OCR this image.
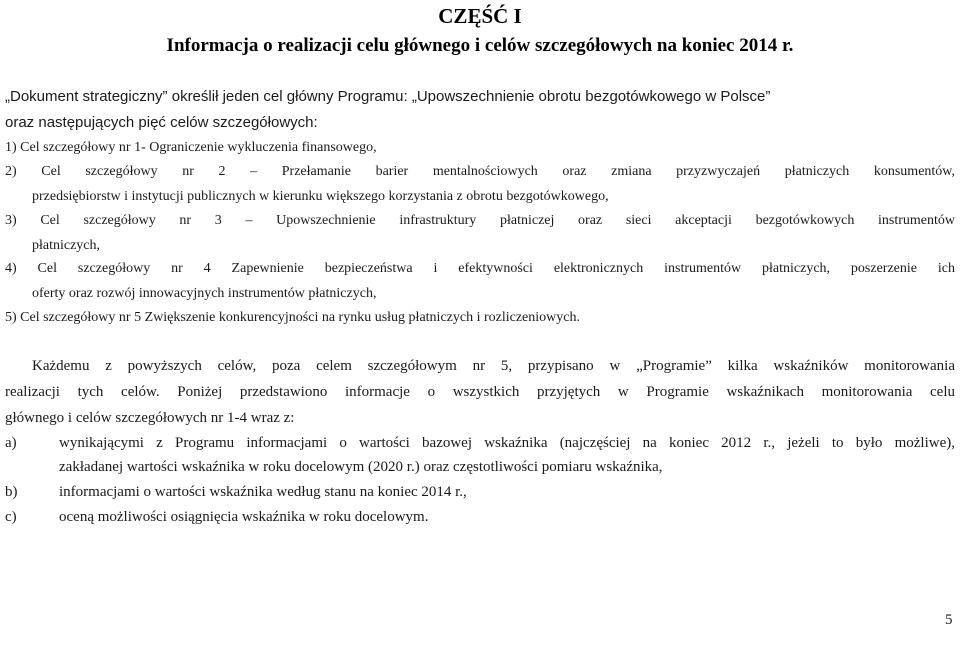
CZĘŚĆ I
Informacja o realizacji celu głównego i celów szczegółowych na koniec 2014 r.
„Dokument strategiczny” określił jeden cel główny Programu: „Upowszechnienie obrotu bezgotówkowego w Polsce”
oraz następujących pięć celów szczegółowych:
1) Cel szczegółowy nr 1- Ograniczenie wykluczenia finansowego,
2) Cel szczegółowy nr 2 – Przełamanie barier mentalnościowych oraz zmiana przyzwyczajeń płatniczych konsumentów,
przedsiębiorstw i instytucji publicznych w kierunku większego korzystania z obrotu bezgotówkowego,
3) Cel szczegółowy nr 3 – Upowszechnienie infrastruktury płatniczej oraz sieci akceptacji bezgotówkowych instrumentów
płatniczych,
4) Cel szczegółowy nr 4 Zapewnienie bezpieczeństwa i efektywności elektronicznych instrumentów płatniczych, poszerzenie ich
oferty oraz rozwój innowacyjnych instrumentów płatniczych,
5) Cel szczegółowy nr 5 Zwiększenie konkurencyjności na rynku usług płatniczych i rozliczeniowych.
Każdemu z powyższych celów, poza celem szczegółowym nr 5, przypisano w „Programie” kilka wskaźników monitorowania
realizacji tych celów. Poniżej przedstawiono informacje o wszystkich przyjętych w Programie wskaźnikach monitorowania celu
głównego i celów szczegółowych nr 1-4 wraz z:
a)	wynikającymi z Programu informacjami o wartości bazowej wskaźnika (najczęściej na koniec 2012 r., jeżeli to było możliwe),
zakładanej wartości wskaźnika w roku docelowym (2020 r.) oraz częstotliwości pomiaru wskaźnika,
b)	informacjami o wartości wskaźnika według stanu na koniec 2014 r.,
c)	oceną możliwości osiągnięcia wskaźnika w roku docelowym.
5
